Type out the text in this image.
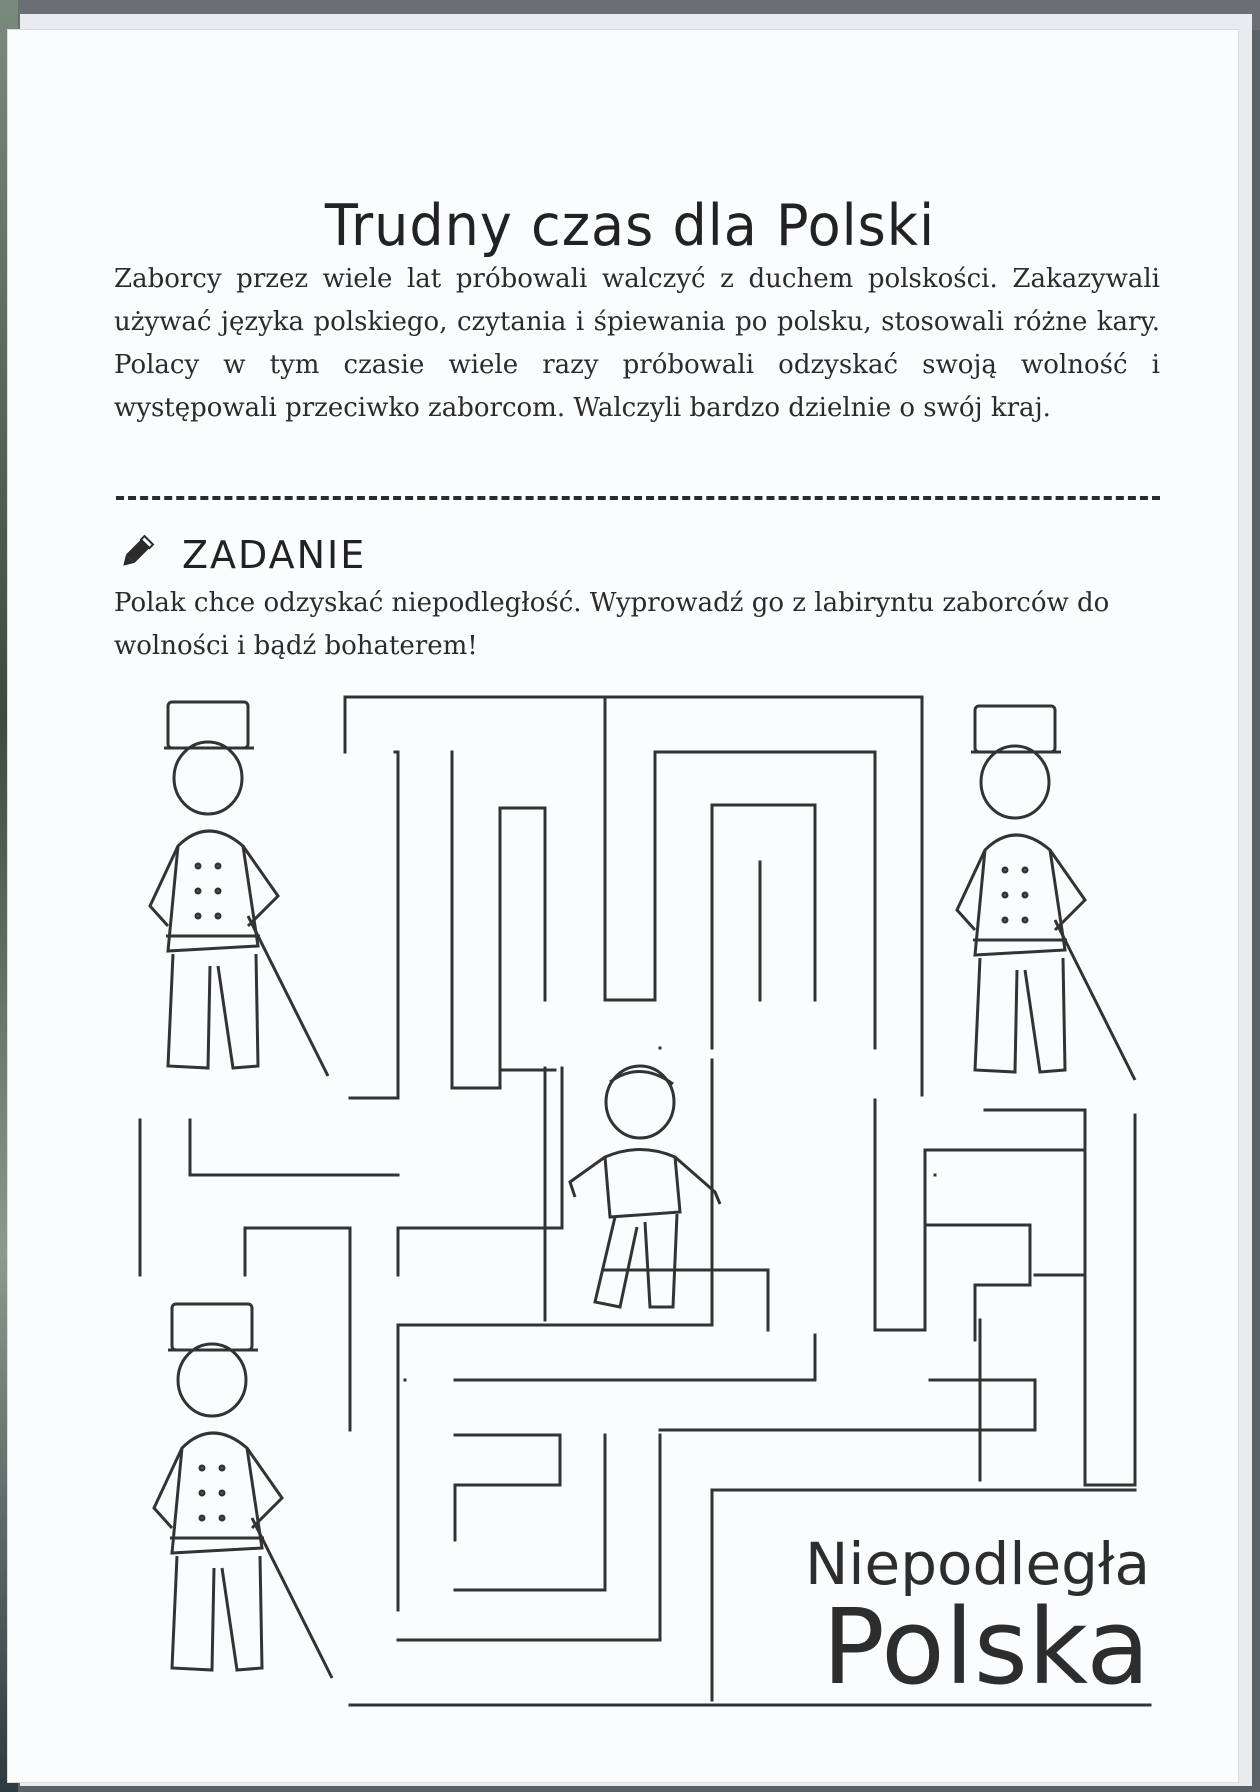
Trudny czas dla Polski
Zaborcy przez wiele lat próbowali walczyć z duchem polskości. Zakazywali używać języka polskiego, czytania i śpiewania po polsku, stosowali różne kary. Polacy w tym czasie wiele razy próbowali odzyskać swoją wolność i występowali przeciwko zaborcom. Walczyli bardzo dzielnie o swój kraj.
ZADANIE
Polak chce odzyskać niepodległość. Wyprowadź go z labiryntu zaborców do wolności i bądź bohaterem!
Niepodległa
Polska
